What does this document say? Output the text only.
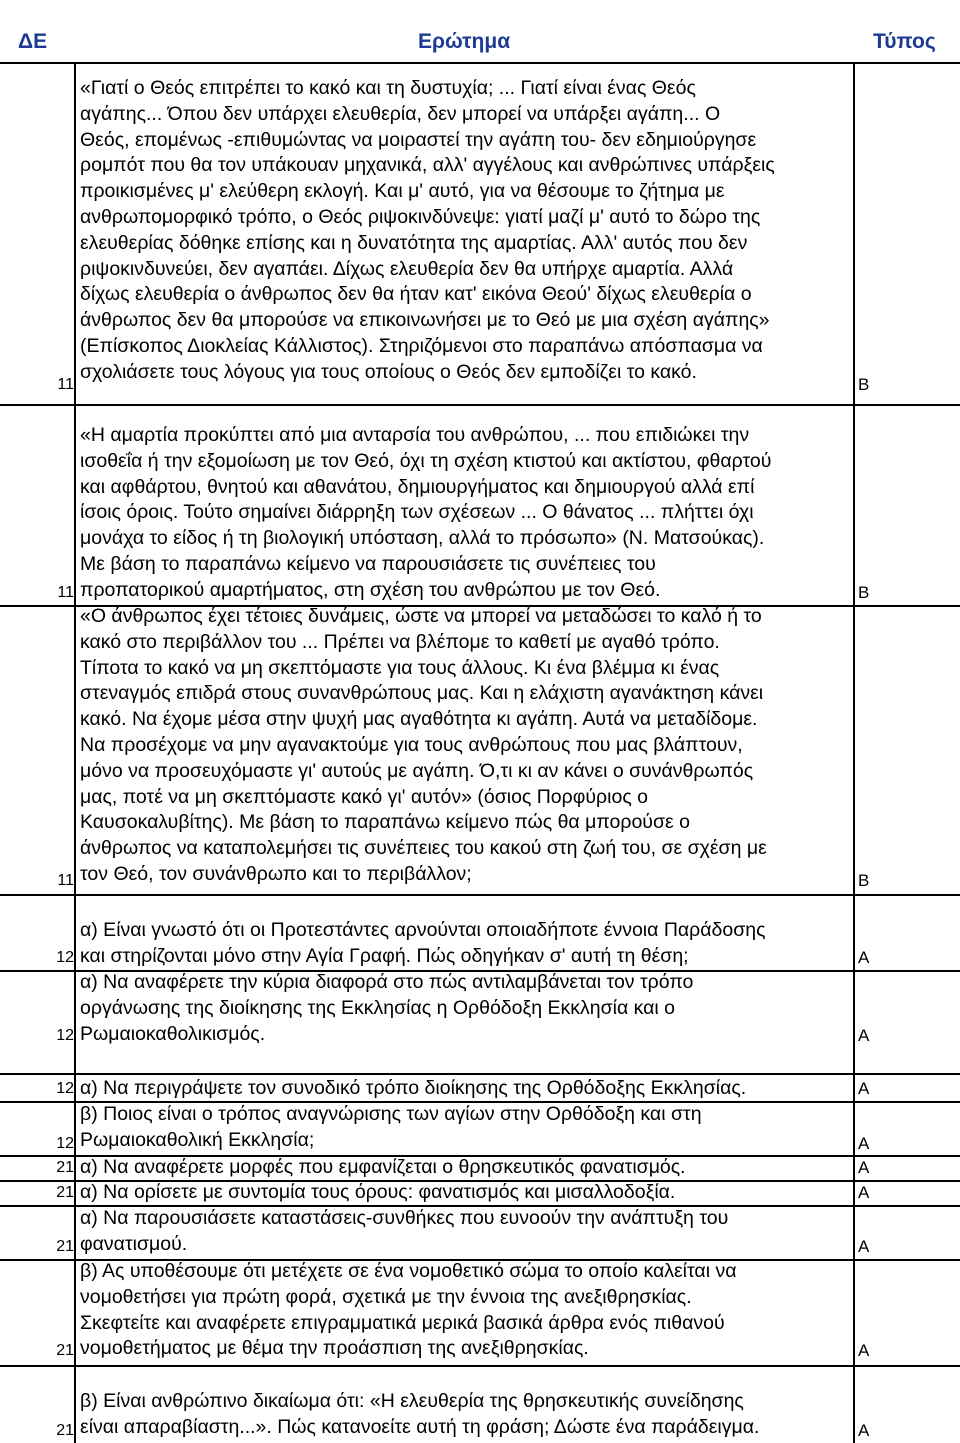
ΔΕ	Ερώτημα	Τύπος
«Γιατί ο Θεός επιτρέπει το κακό και τη δυστυχία; ... Γιατί είναι ένας Θεός
αγάπης... Όπου δεν υπάρχει ελευθερία, δεν μπορεί να υπάρξει αγάπη... Ο
Θεός, επομένως -επιθυμώντας να μοιραστεί την αγάπη του- δεν εδημιούργησε
ρομπότ που θα τον υπάκουαν μηχανικά, αλλ' αγγέλους και ανθρώπινες υπάρξεις
προικισμένες μ' ελεύθερη εκλογή. Και μ' αυτό, για να θέσουμε το ζήτημα με
ανθρωπομορφικό τρόπο, ο Θεός ριψοκινδύνεψε: γιατί μαζί μ' αυτό το δώρο της
ελευθερίας δόθηκε επίσης και η δυνατότητα της αμαρτίας. Αλλ' αυτός που δεν
ριψοκινδυνεύει, δεν αγαπάει. Δίχως ελευθερία δεν θα υπήρχε αμαρτία. Αλλά
δίχως ελευθερία ο άνθρωπος δεν θα ήταν κατ' εικόνα Θεού' δίχως ελευθερία ο
άνθρωπος δεν θα μπορούσε να επικοινωνήσει με το Θεό με μια σχέση αγάπης»
(Επίσκοπος Διοκλείας Κάλλιστος). Στηριζόμενοι στο παραπάνω απόσπασμα να
σχολιάσετε τους λόγους για τους οποίους ο Θεός δεν εμποδίζει το κακό.
11	Β
«Η αμαρτία προκύπτει από μια ανταρσία του ανθρώπου, ... που επιδιώκει την
ισοθεΐα ή την εξομοίωση με τον Θεό, όχι τη σχέση κτιστού και ακτίστου, φθαρτού
και αφθάρτου, θνητού και αθανάτου, δημιουργήματος και δημιουργού αλλά επί
ίσοις όροις. Τούτο σημαίνει διάρρηξη των σχέσεων ... Ο θάνατος ... πλήττει όχι
μονάχα το είδος ή τη βιολογική υπόσταση, αλλά το πρόσωπο» (Ν. Ματσούκας).
Με βάση το παραπάνω κείμενο να παρουσιάσετε τις συνέπειες του
προπατορικού αμαρτήματος, στη σχέση του ανθρώπου με τον Θεό.
11	Β
«Ο άνθρωπος έχει τέτοιες δυνάμεις, ώστε να μπορεί να μεταδώσει το καλό ή το
κακό στο περιβάλλον του ... Πρέπει να βλέπομε το καθετί με αγαθό τρόπο.
Τίποτα το κακό να μη σκεπτόμαστε για τους άλλους. Κι ένα βλέμμα κι ένας
στεναγμός επιδρά στους συνανθρώπους μας. Και η ελάχιστη αγανάκτηση κάνει
κακό. Να έχομε μέσα στην ψυχή μας αγαθότητα κι αγάπη. Αυτά να μεταδίδομε.
Να προσέχομε να μην αγανακτούμε για τους ανθρώπους που μας βλάπτουν,
μόνο να προσευχόμαστε γι' αυτούς με αγάπη. Ό,τι κι αν κάνει ο συνάνθρωπός
μας, ποτέ να μη σκεπτόμαστε κακό γι' αυτόν» (όσιος Πορφύριος ο
Καυσοκαλυβίτης). Με βάση το παραπάνω κείμενο πώς θα μπορούσε ο
άνθρωπος να καταπολεμήσει τις συνέπειες του κακού στη ζωή του, σε σχέση με
τον Θεό, τον συνάνθρωπο και το περιβάλλον;
11	Β
α) Είναι γνωστό ότι οι Προτεστάντες αρνούνται οποιαδήποτε έννοια Παράδοσης
και στηρίζονται μόνο στην Αγία Γραφή. Πώς οδηγήκαν σ' αυτή τη θέση;
12	Α
α) Να αναφέρετε την κύρια διαφορά στο πώς αντιλαμβάνεται τον τρόπο
οργάνωσης της διοίκησης της Εκκλησίας η Ορθόδοξη Εκκλησία και ο
Ρωμαιοκαθολικισμός.
12	Α
α) Να περιγράψετε τον συνοδικό τρόπο διοίκησης της Ορθόδοξης Εκκλησίας.
12	Α
β) Ποιος είναι ο τρόπος αναγνώρισης των αγίων στην Ορθόδοξη και στη
Ρωμαιοκαθολική Εκκλησία;
12	Α
α) Να αναφέρετε μορφές που εμφανίζεται ο θρησκευτικός φανατισμός.
21	Α
α) Να ορίσετε με συντομία τους όρους: φανατισμός και μισαλλοδοξία.
21	Α
α) Να παρουσιάσετε καταστάσεις-συνθήκες που ευνοούν την ανάπτυξη του
φανατισμού.
21	Α
β) Ας υποθέσουμε ότι μετέχετε σε ένα νομοθετικό σώμα το οποίο καλείται να
νομοθετήσει για πρώτη φορά, σχετικά με την έννοια της ανεξιθρησκίας.
Σκεφτείτε και αναφέρετε επιγραμματικά μερικά βασικά άρθρα ενός πιθανού
νομοθετήματος με θέμα την προάσπιση της ανεξιθρησκίας.
21	Α
β) Είναι ανθρώπινο δικαίωμα ότι: «Η ελευθερία της θρησκευτικής συνείδησης
είναι απαραβίαστη...». Πώς κατανοείτε αυτή τη φράση; Δώστε ένα παράδειγμα.
21	Α
